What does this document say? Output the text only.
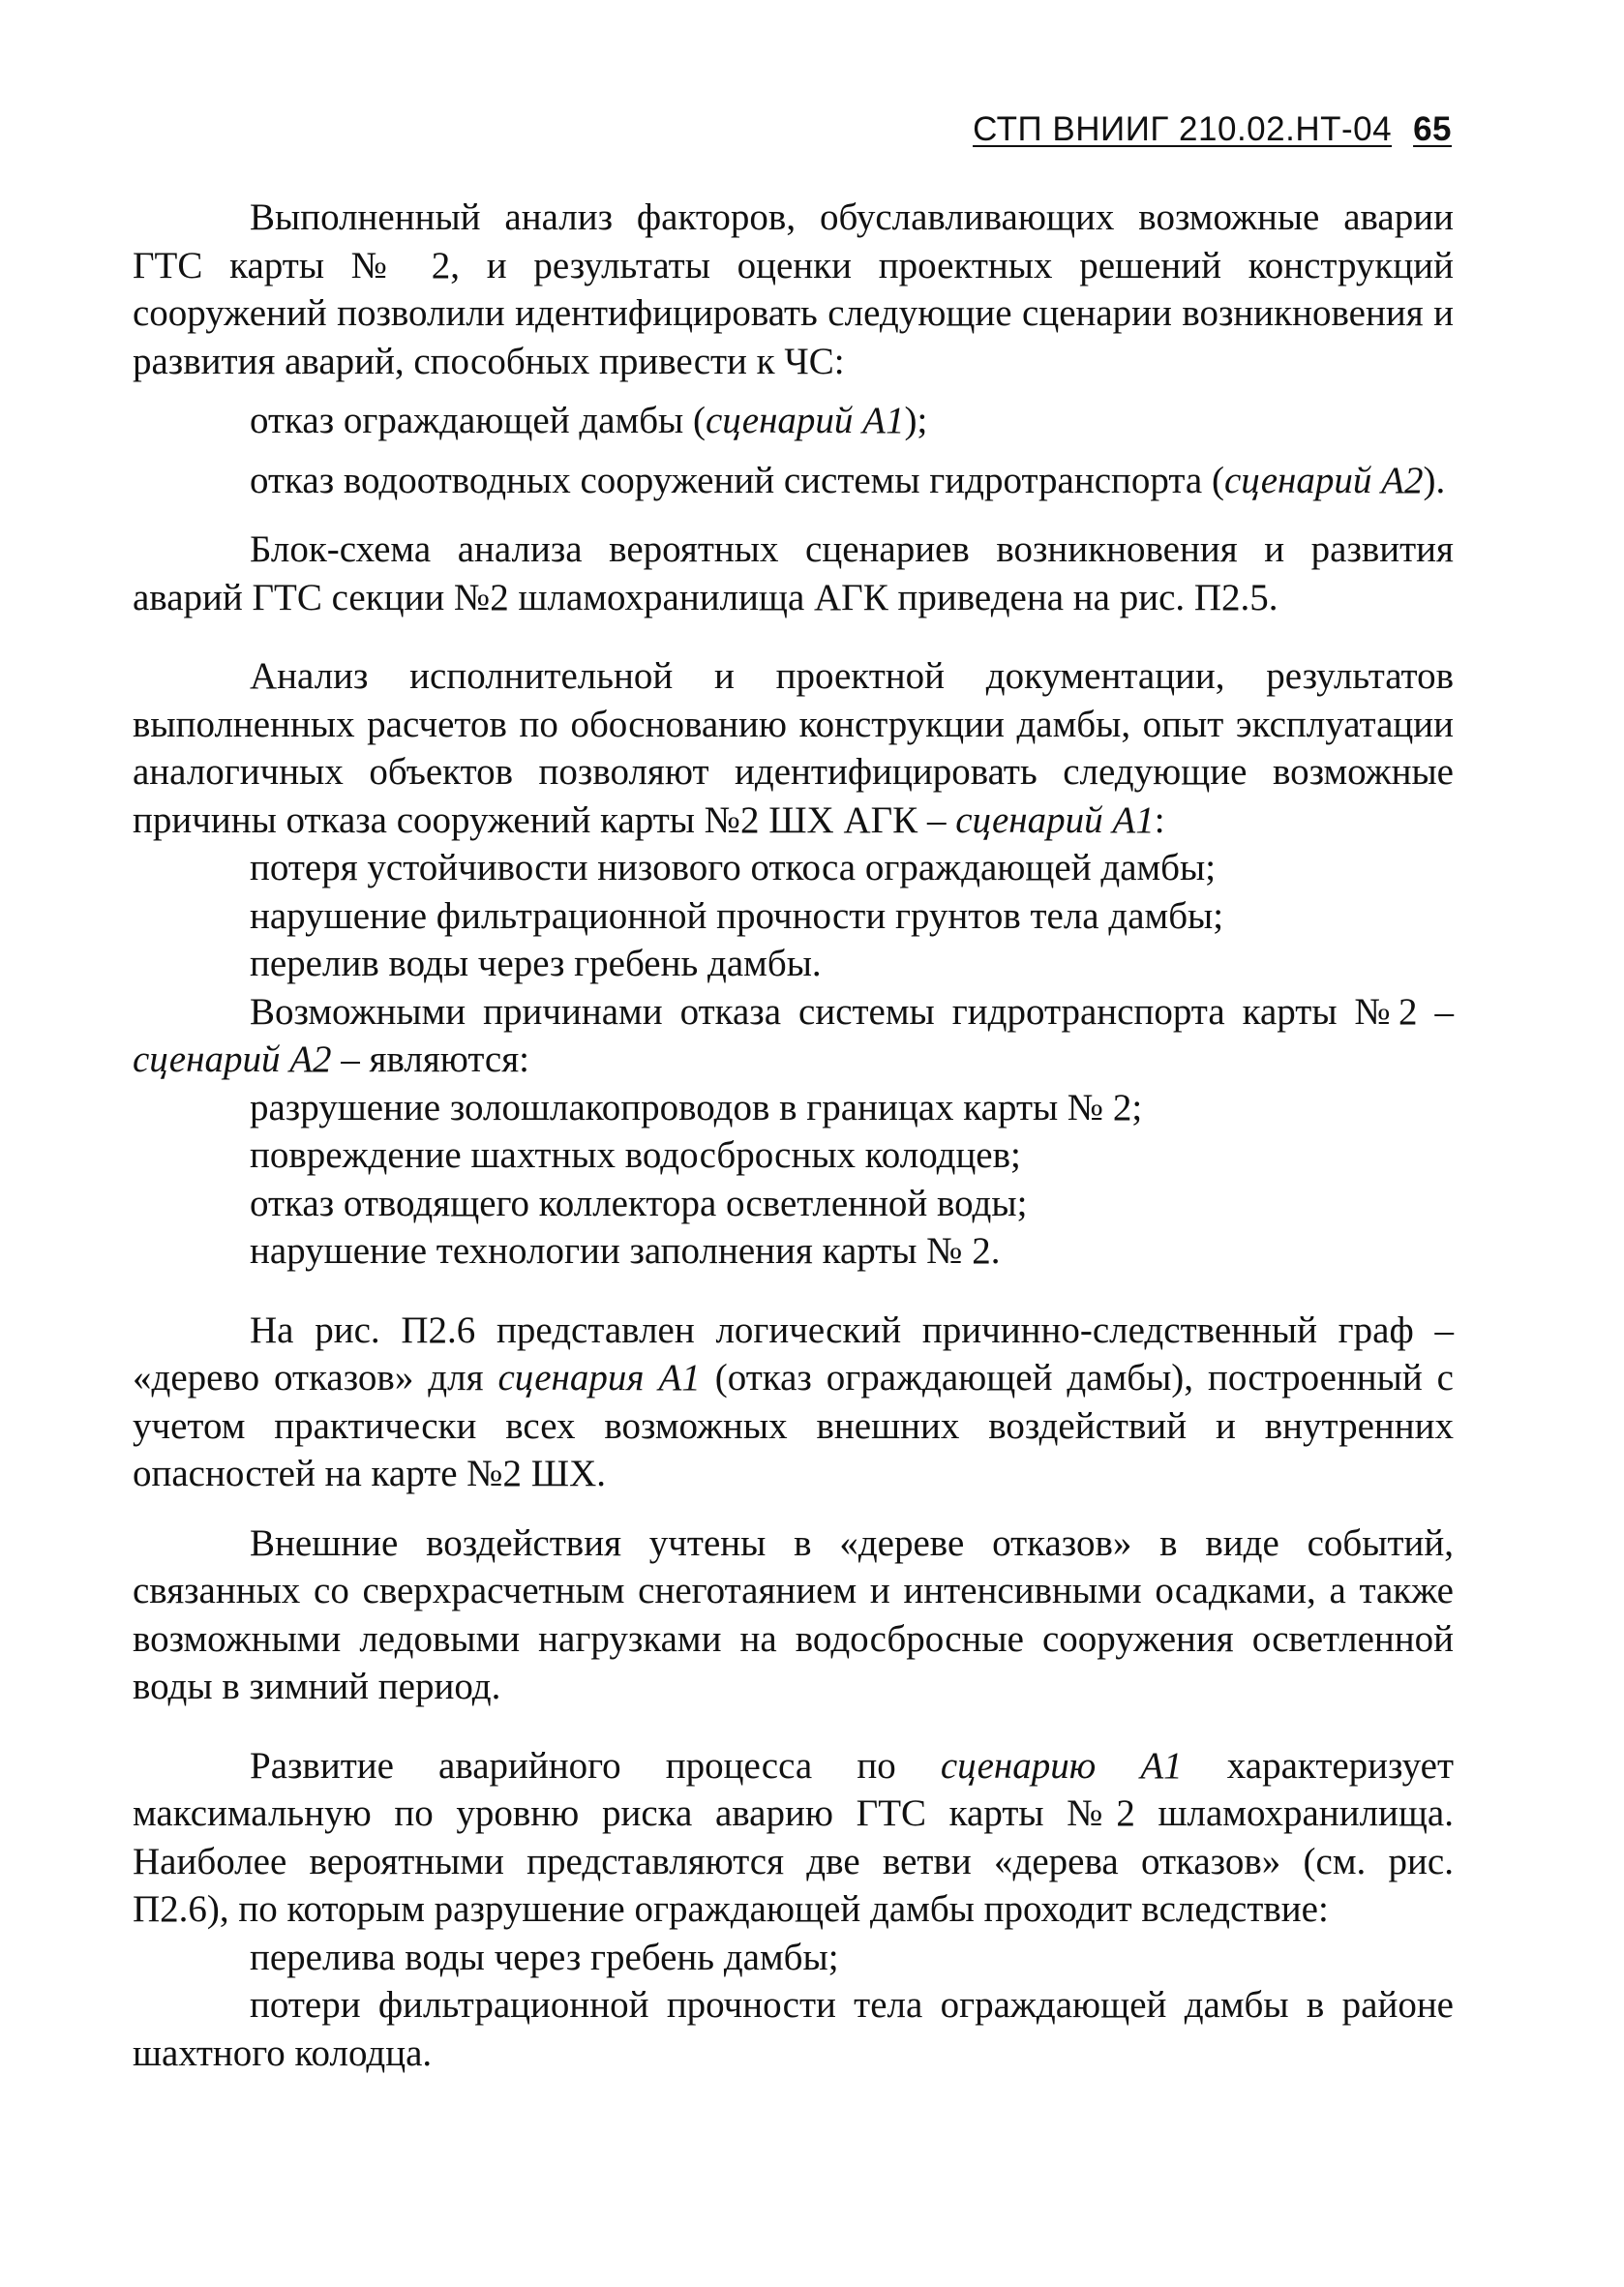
СТП ВНИИГ 210.02.НТ-04 65

Выполненный анализ факторов, обуславливающих возможные аварии ГТС карты № 2, и результаты оценки проектных решений конструкций сооружений позволили идентифицировать следующие сценарии возникновения и развития аварий, способных привести к ЧС:

отказ ограждающей дамбы (сценарий А1);

отказ водоотводных сооружений системы гидротранспорта (сценарий А2).

Блок-схема анализа вероятных сценариев возникновения и развития аварий ГТС секции №2 шламохранилища АГК приведена на рис. П2.5.

Анализ исполнительной и проектной документации, результатов выполненных расчетов по обоснованию конструкции дамбы, опыт эксплуатации аналогичных объектов позволяют идентифицировать следующие возможные причины отказа сооружений карты №2 ШХ АГК – сценарий А1:

потеря устойчивости низового откоса ограждающей дамбы;

нарушение фильтрационной прочности грунтов тела дамбы;

перелив воды через гребень дамбы.

Возможными причинами отказа системы гидротранспорта карты №2 – сценарий А2 – являются:

разрушение золошлакопроводов в границах карты № 2;

повреждение шахтных водосбросных колодцев;

отказ отводящего коллектора осветленной воды;

нарушение технологии заполнения карты № 2.

На рис. П2.6 представлен логический причинно-следственный граф – «дерево отказов» для сценария А1 (отказ ограждающей дамбы), построенный с учетом практически всех возможных внешних воздействий и внутренних опасностей на карте №2 ШХ.

Внешние воздействия учтены в «дереве отказов» в виде событий, связанных со сверхрасчетным снеготаянием и интенсивными осадками, а также возможными ледовыми нагрузками на водосбросные сооружения осветленной воды в зимний период.

Развитие аварийного процесса по сценарию А1 характеризует максимальную по уровню риска аварию ГТС карты №2 шламохранилища. Наиболее вероятными представляются две ветви «дерева отказов» (см. рис. П2.6), по которым разрушение ограждающей дамбы проходит вследствие:

перелива воды через гребень дамбы;

потери фильтрационной прочности тела ограждающей дамбы в районе шахтного колодца.
